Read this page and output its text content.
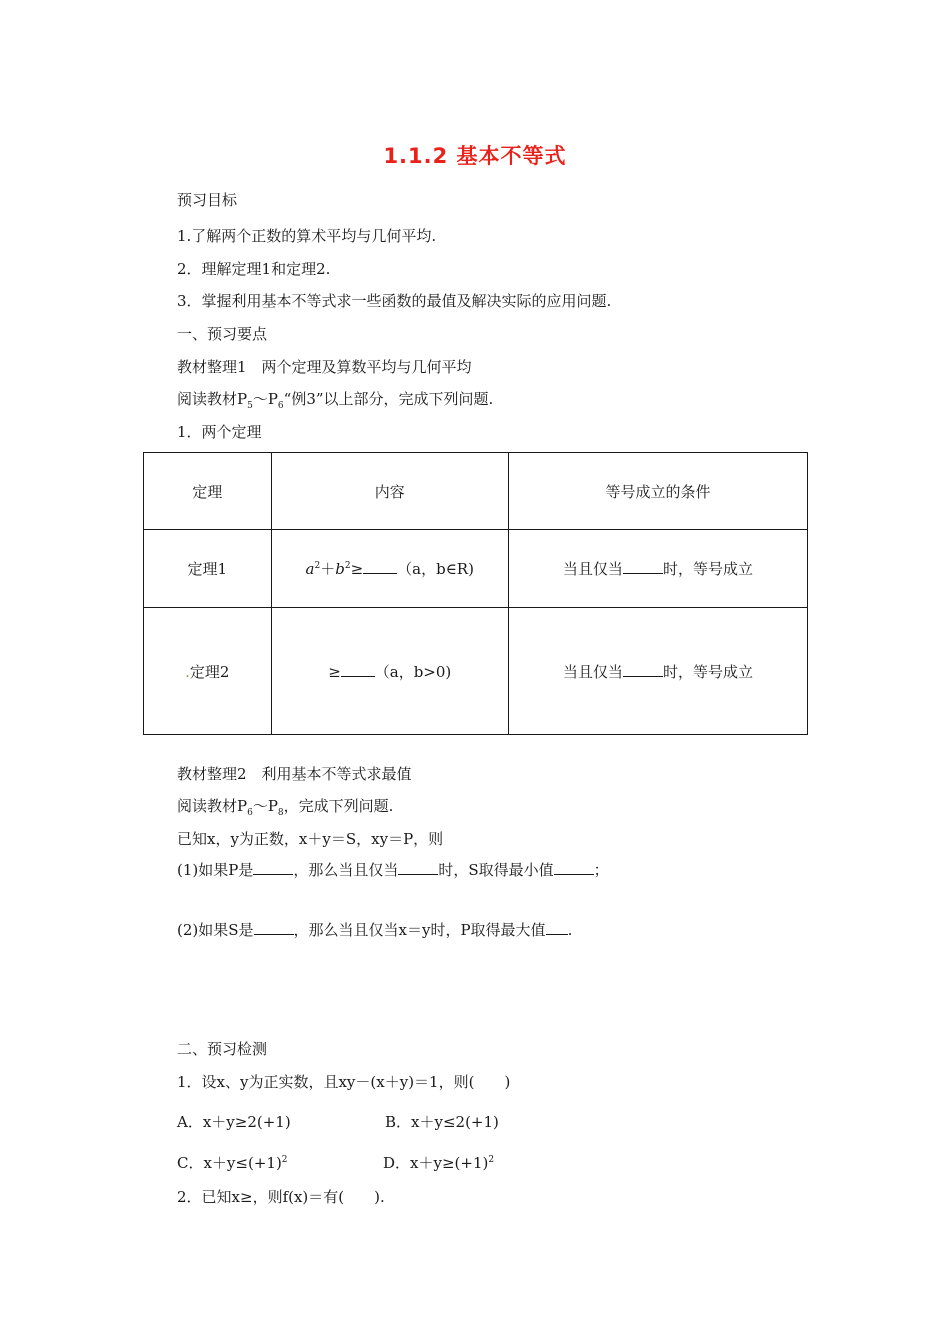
1.1.2 基本不等式
预习目标
1.了解两个正数的算术平均与几何平均.
2．理解定理1和定理2.
3．掌握利用基本不等式求一些函数的最值及解决实际的应用问题.
一、预习要点
教材整理1　两个定理及算数平均与几何平均
阅读教材$P_5\sim P_6“$例3”以上部分，完成下列问题.
1．两个定理
定理	内容	等号成立的条件
定理1	$a^2+b^2\ge (a$，b∈R)	当且仅当 时，等号成立
.定理2	≥ （a，b>0)	当且仅当 时，等号成立
教材整理2　利用基本不等式求最值
阅读教材$P_6\sim P_8$，完成下列问题.
已知x，y为正数，x＋y＝S，xy＝P，则
(1)如果P是	，那么当且仅当	时，S取得最小值	；
(2)如果S是	，那么当且仅当x＝y时，P取得最大值 .
二、预习检测
1．设x、y为正实数，且xy－(x＋y)＝1，则(　　)
A．x＋y≥2(+1)	B．x＋y≤2(+1)
C．$x+y\le(+1)^2$	D．$x+y\ge(+1)^2$
2．已知x≥，则f(x)＝有(　　).
